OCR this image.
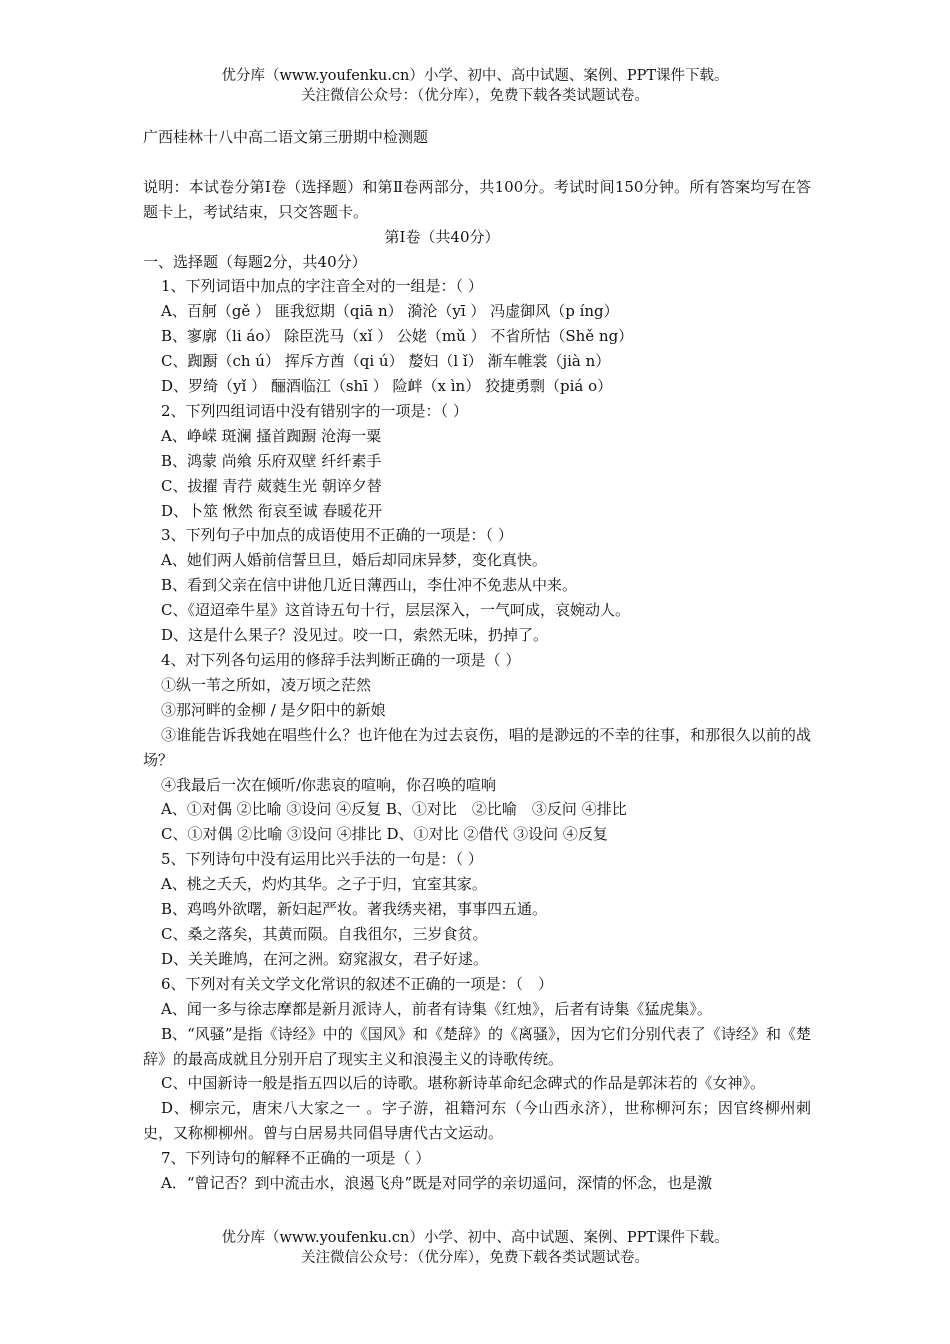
优分库（www.youfenku.cn）小学、初中、高中试题、案例、PPT课件下载。
关注微信公众号：（优分库），免费下载各类试题试卷。

广西桂林十八中高二语文第三册期中检测题

说明：本试卷分第Ⅰ卷（选择题）和第Ⅱ卷两部分，共100分。考试时间150分钟。所有答案均写在答题卡上，考试结束，只交答题卡。

第Ⅰ卷（共40分）

一、选择题（每题2分，共40分）

1、下列词语中加点的字注音全对的一组是：（ ）

A、百舸（gě ） 匪我愆期（qiā n） 漪沦（yī ） 冯虚御风（p íng）

B、寥廓（li áo） 除臣洗马（xǐ ） 公姥（mǔ ） 不省所怙（Shě ng）

C、踟蹰（ch ú） 挥斥方酋（qi ú） 嫠妇（l ǐ） 渐车帷裳（jià n）

D、罗绮（yǐ ） 酾酒临江（shī ） 险衅（x ìn） 狡捷勇剽（piá o）

2、下列四组词语中没有错别字的一项是：（ ）

A、峥嵘 斑澜 搔首踟蹰 沧海一粟

B、鸿蒙 尚飨 乐府双壁 纤纤素手

C、拔擢 青荇 葳蕤生光 朝谇夕替

D、卜筮 愀然 衔哀至诚 春暖花开

3、下列句子中加点的成语使用不正确的一项是：（ ）

A、她们两人婚前信誓旦旦，婚后却同床异梦，变化真快。

B、看到父亲在信中讲他几近日薄西山，李仕冲不免悲从中来。

C、《迢迢牵牛星》这首诗五句十行，层层深入，一气呵成，哀婉动人。

D、这是什么果子？没见过。咬一口，索然无味，扔掉了。

4、对下列各句运用的修辞手法判断正确的一项是（ ）

①纵一苇之所如，凌万顷之茫然

③那河畔的金柳 / 是夕阳中的新娘

③谁能告诉我她在唱些什么？也许他在为过去哀伤，唱的是渺远的不幸的往事，和那很久以前的战场？

④我最后一次在倾听/你悲哀的喧响，你召唤的喧响

A、①对偶 ②比喻 ③设问 ④反复 B、①对比　②比喻　③反问 ④排比

C、①对偶 ②比喻 ③设问 ④排比 D、①对比 ②借代 ③设问 ④反复

5、下列诗句中没有运用比兴手法的一句是：（ ）

A、桃之夭夭，灼灼其华。之子于归，宜室其家。

B、鸡鸣外欲曙，新妇起严妆。著我绣夹裙，事事四五通。

C、桑之落矣，其黄而陨。自我徂尔，三岁食贫。

D、关关雎鸠，在河之洲。窈窕淑女，君子好逑。

6、下列对有关文学文化常识的叙述不正确的一项是：（　）

A、闻一多与徐志摩都是新月派诗人，前者有诗集《红烛》，后者有诗集《猛虎集》。

B、“风骚”是指《诗经》中的《国风》和《楚辞》的《离骚》，因为它们分别代表了《诗经》和《楚辞》的最高成就且分别开启了现实主义和浪漫主义的诗歌传统。

C、中国新诗一般是指五四以后的诗歌。堪称新诗革命纪念碑式的作品是郭沫若的《女神》。

D、柳宗元，唐宋八大家之一 。字子游，祖籍河东（今山西永济），世称柳河东；因官终柳州刺史，又称柳柳州。曾与白居易共同倡导唐代古文运动。

7、下列诗句的解释不正确的一项是（ ）

A．“曾记否？到中流击水，浪遏飞舟”既是对同学的亲切遥问，深情的怀念，也是激

优分库（www.youfenku.cn）小学、初中、高中试题、案例、PPT课件下载。
关注微信公众号：（优分库），免费下载各类试题试卷。
